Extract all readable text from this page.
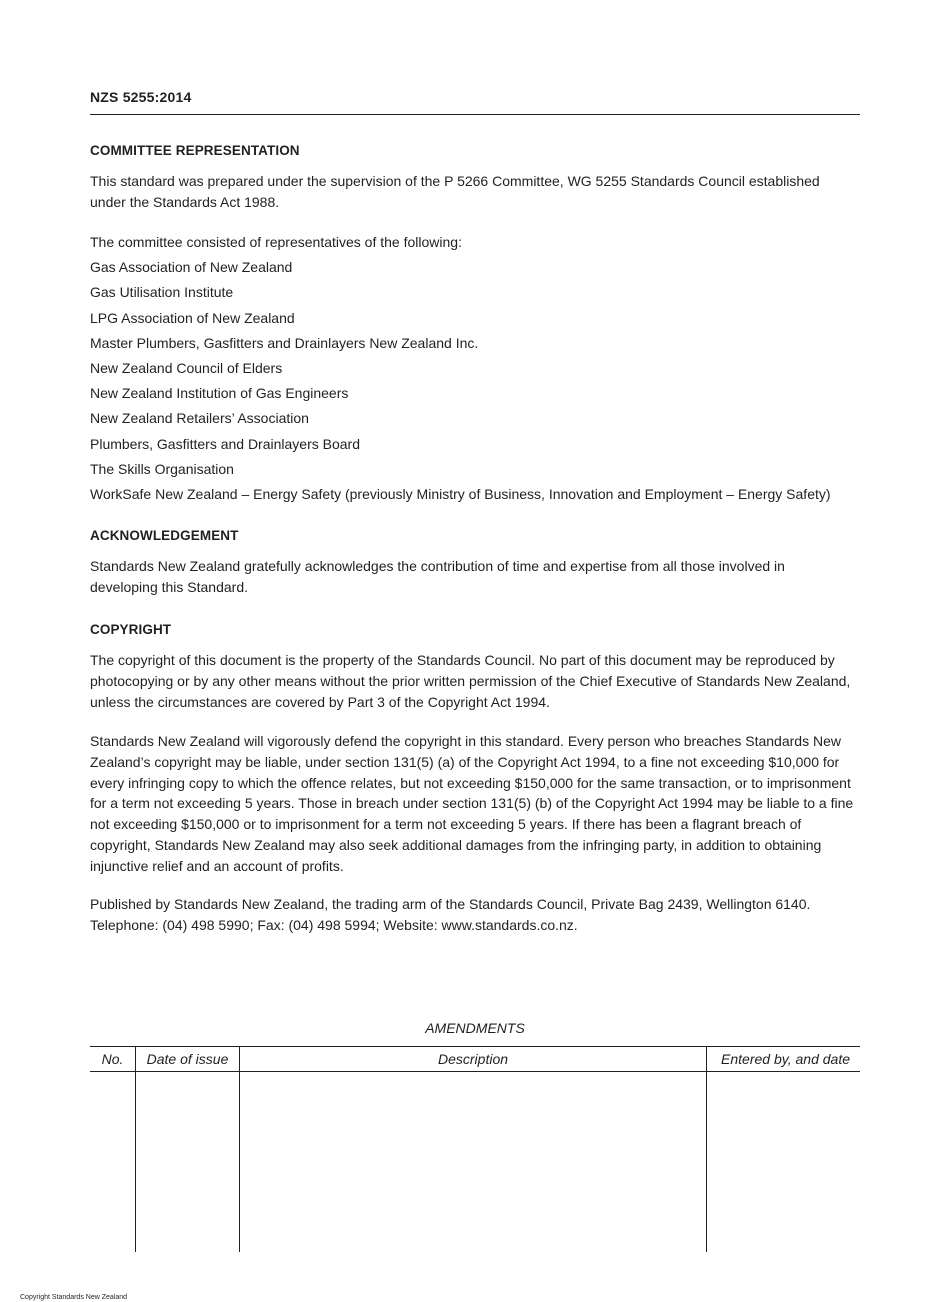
NZS 5255:2014
COMMITTEE REPRESENTATION
This standard was prepared under the supervision of the P 5266 Committee, WG 5255 Standards Council established under the Standards Act 1988.
The committee consisted of representatives of the following:
Gas Association of New Zealand
Gas Utilisation Institute
LPG Association of New Zealand
Master Plumbers, Gasfitters and Drainlayers New Zealand Inc.
New Zealand Council of Elders
New Zealand Institution of Gas Engineers
New Zealand Retailers’ Association
Plumbers, Gasfitters and Drainlayers Board
The Skills Organisation
WorkSafe New Zealand – Energy Safety (previously Ministry of Business, Innovation and Employment – Energy Safety)
ACKNOWLEDGEMENT
Standards New Zealand gratefully acknowledges the contribution of time and expertise from all those involved in developing this Standard.
COPYRIGHT
The copyright of this document is the property of the Standards Council. No part of this document may be reproduced by photocopying or by any other means without the prior written permission of the Chief Executive of Standards New Zealand, unless the circumstances are covered by Part 3 of the Copyright Act 1994.
Standards New Zealand will vigorously defend the copyright in this standard. Every person who breaches Standards New Zealand’s copyright may be liable, under section 131(5) (a) of the Copyright Act 1994, to a fine not exceeding $10,000 for every infringing copy to which the offence relates, but not exceeding $150,000 for the same transaction, or to imprisonment for a term not exceeding 5 years. Those in breach under section 131(5) (b) of the Copyright Act 1994 may be liable to a fine not exceeding $150,000 or to imprisonment for a term not exceeding 5 years. If there has been a flagrant breach of copyright, Standards New Zealand may also seek additional damages from the infringing party, in addition to obtaining injunctive relief and an account of profits.
Published by Standards New Zealand, the trading arm of the Standards Council, Private Bag 2439, Wellington 6140. Telephone: (04) 498 5990; Fax: (04) 498 5994; Website: www.standards.co.nz.
AMENDMENTS
No.	Date of issue	Description	Entered by, and date

Copyright Standards New Zealand
